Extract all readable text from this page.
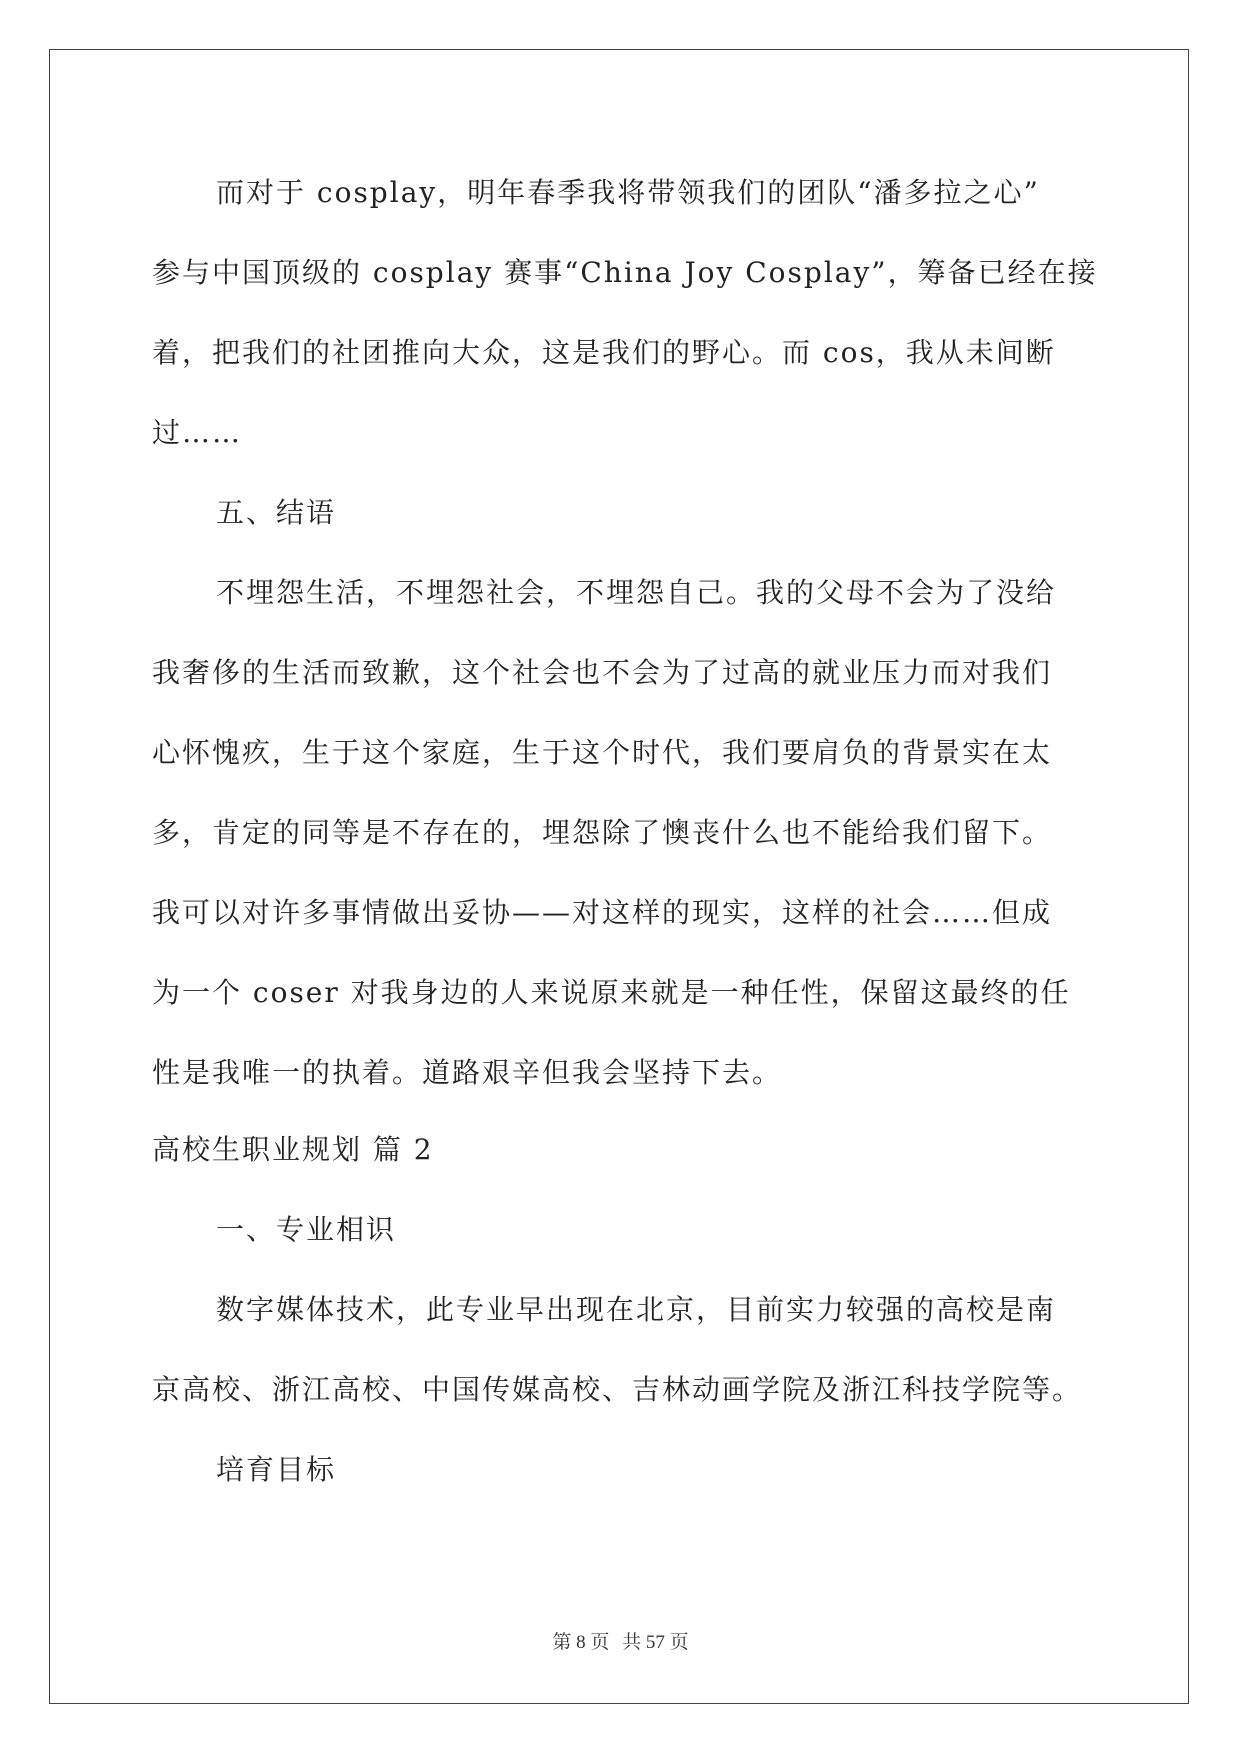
而对于 cosplay，明年春季我将带领我们的团队“潘多拉之心”
参与中国顶级的 cosplay 赛事“China Joy Cosplay”，筹备已经在接
着，把我们的社团推向大众，这是我们的野心。而 cos，我从未间断
过……
五、结语
不埋怨生活，不埋怨社会，不埋怨自己。我的父母不会为了没给
我奢侈的生活而致歉，这个社会也不会为了过高的就业压力而对我们
心怀愧疚，生于这个家庭，生于这个时代，我们要肩负的背景实在太
多，肯定的同等是不存在的，埋怨除了懊丧什么也不能给我们留下。
我可以对许多事情做出妥协——对这样的现实，这样的社会……但成
为一个 coser 对我身边的人来说原来就是一种任性，保留这最终的任
性是我唯一的执着。道路艰辛但我会坚持下去。
高校生职业规划 篇 2
一、专业相识
数字媒体技术，此专业早出现在北京，目前实力较强的高校是南
京高校、浙江高校、中国传媒高校、吉林动画学院及浙江科技学院等。
培育目标
第 8 页 共 57 页
